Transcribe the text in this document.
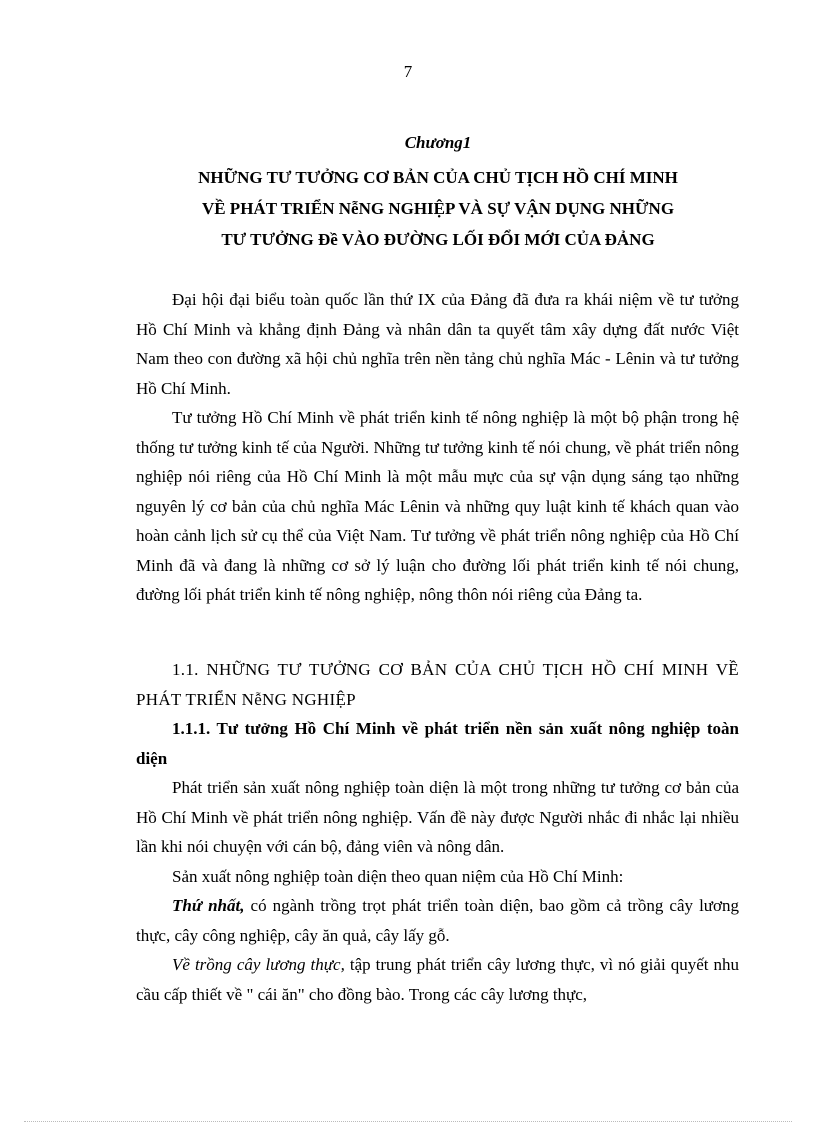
7
Chương1
NHỮNG TƯ TƯỞNG CƠ BẢN CỦA CHỦ TỊCH HỒ CHÍ MINH
VỀ PHÁT TRIỂN NễNG NGHIỆP VÀ SỰ VẬN DỤNG NHỮNG
TƯ TƯỞNG Đề VÀO ĐƯỜNG LỐI ĐỔI MỚI CỦA ĐẢNG

Đại hội đại biểu toàn quốc lần thứ IX của Đảng đã đưa ra khái niệm về tư tưởng Hồ Chí Minh và khẳng định Đảng và nhân dân ta quyết tâm xây dựng đất nước Việt Nam theo con đường xã hội chủ nghĩa trên nền tảng chủ nghĩa Mác - Lênin và tư tưởng Hồ Chí Minh.

Tư tưởng Hồ Chí Minh về phát triển kinh tế nông nghiệp là một bộ phận trong hệ thống tư tưởng kinh tế của Người. Những tư tưởng kinh tế nói chung, về phát triển nông nghiệp nói riêng của Hồ Chí Minh là một mẫu mực của sự vận dụng sáng tạo những nguyên lý cơ bản của chủ nghĩa Mác Lênin và những quy luật kinh tế khách quan vào hoàn cảnh lịch sử cụ thể của Việt Nam. Tư tưởng về phát triển nông nghiệp của Hồ Chí Minh đã và đang là những cơ sở lý luận cho đường lối phát triển kinh tế nói chung, đường lối phát triển kinh tế nông nghiệp, nông thôn nói riêng của Đảng ta.

1.1. NHỮNG TƯ TƯỞNG CƠ BẢN CỦA CHỦ TỊCH HỒ CHÍ MINH VỀ PHÁT TRIỂN NễNG NGHIỆP

1.1.1. Tư tưởng Hồ Chí Minh về phát triển nền sản xuất nông nghiệp toàn diện

Phát triển sản xuất nông nghiệp toàn diện là một trong những tư tưởng cơ bản của Hồ Chí Minh về phát triển nông nghiệp. Vấn đề này được Người nhắc đi nhắc lại nhiều lần khi nói chuyện với cán bộ, đảng viên và nông dân.

Sản xuất nông nghiệp toàn diện theo quan niệm của Hồ Chí Minh:

Thứ nhất, có ngành trồng trọt phát triển toàn diện, bao gồm cả trồng cây lương thực, cây công nghiệp, cây ăn quả, cây lấy gỗ.

Về trồng cây lương thực, tập trung phát triển cây lương thực, vì nó giải quyết nhu cầu cấp thiết về " cái ăn" cho đồng bào. Trong các cây lương thực,
